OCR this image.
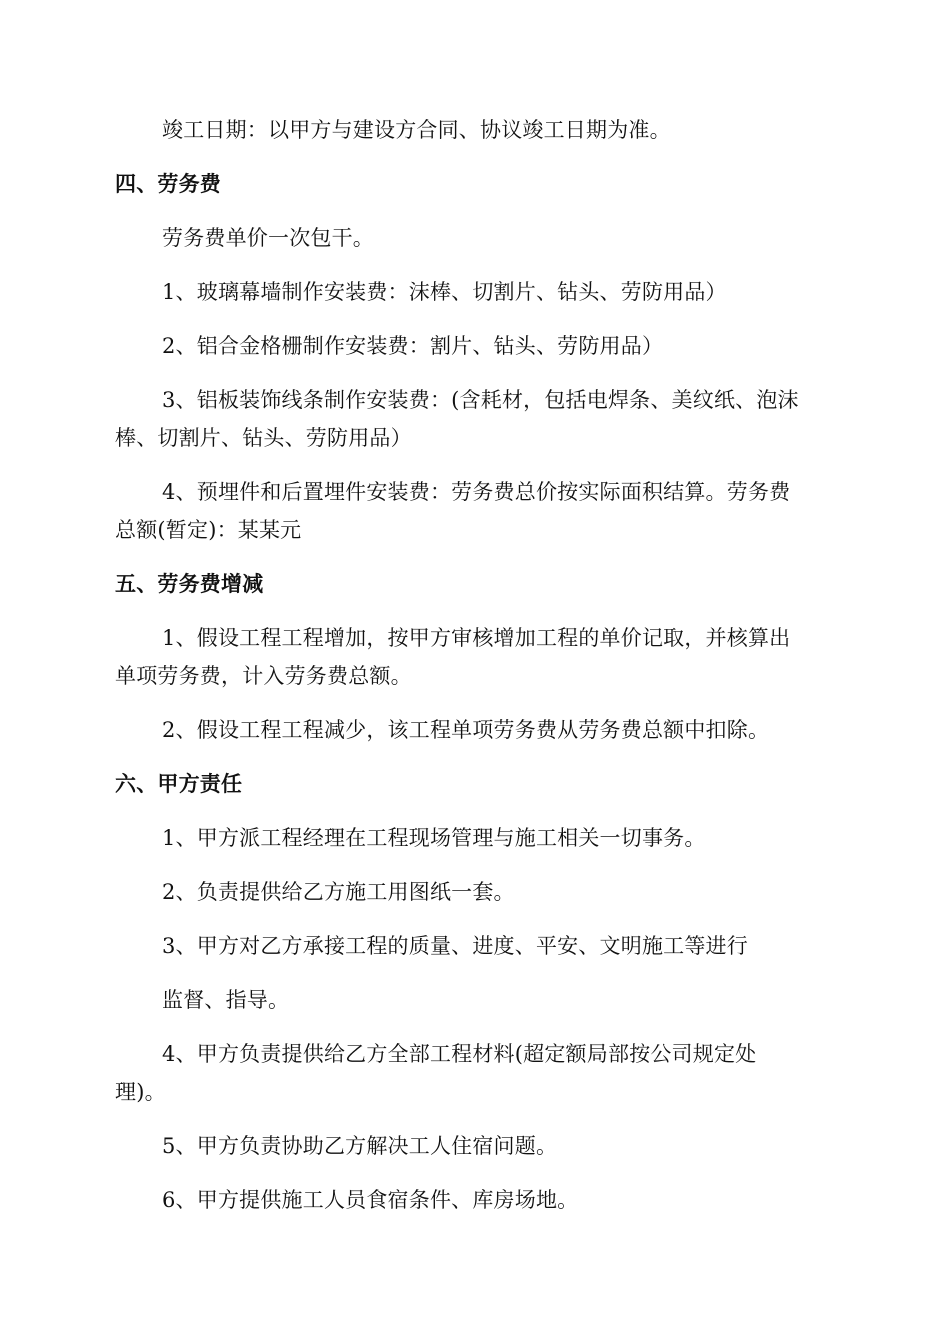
竣工日期：以甲方与建设方合同、协议竣工日期为准。
四、劳务费
劳务费单价一次包干。
1、玻璃幕墙制作安装费：沫棒、切割片、钻头、劳防用品）
2、铝合金格栅制作安装费：割片、钻头、劳防用品）
3、铝板装饰线条制作安装费：(含耗材，包括电焊条、美纹纸、泡沫
棒、切割片、钻头、劳防用品）
4、预埋件和后置埋件安装费：劳务费总价按实际面积结算。劳务费
总额(暂定)：某某元
五、劳务费增减
1、假设工程工程增加，按甲方审核增加工程的单价记取，并核算出
单项劳务费，计入劳务费总额。
2、假设工程工程减少，该工程单项劳务费从劳务费总额中扣除。
六、甲方责任
1、甲方派工程经理在工程现场管理与施工相关一切事务。
2、负责提供给乙方施工用图纸一套。
3、甲方对乙方承接工程的质量、进度、平安、文明施工等进行
监督、指导。
4、甲方负责提供给乙方全部工程材料(超定额局部按公司规定处
理)。
5、甲方负责协助乙方解决工人住宿问题。
6、甲方提供施工人员食宿条件、库房场地。
